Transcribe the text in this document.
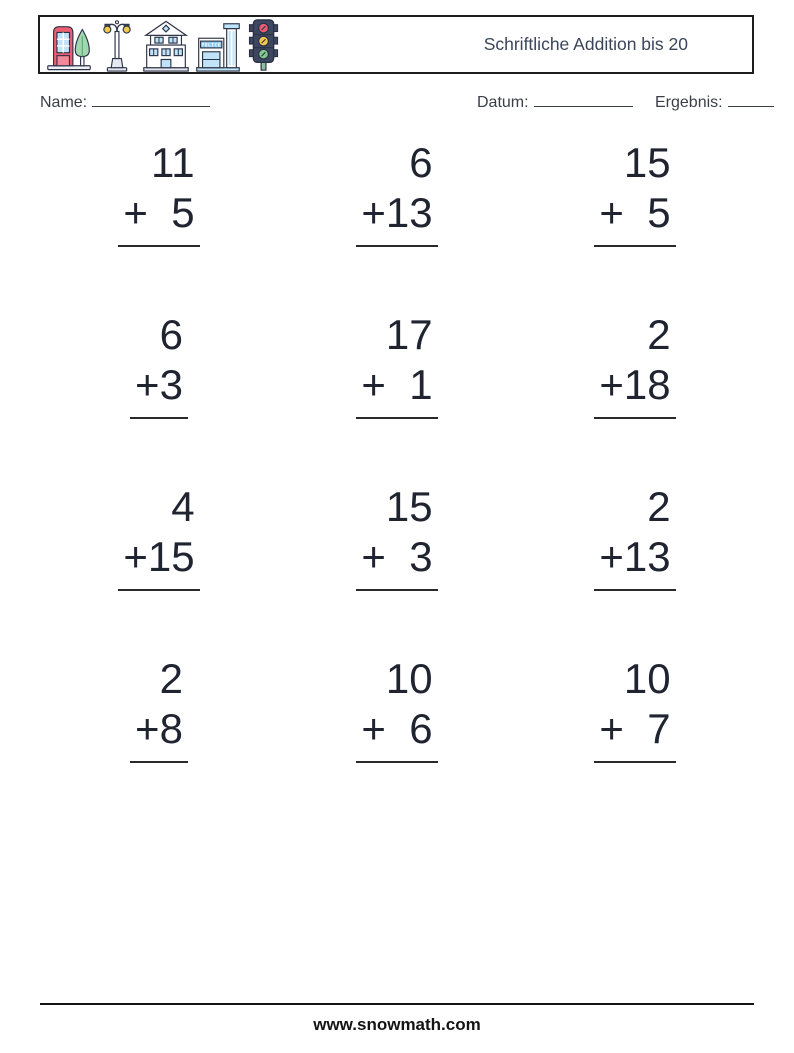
POLICE	Schriftliche Addition bis 20
Name:	Datum:	Ergebnis:
11
+ 5
6
+13
15
+ 5
6
+3
17
+ 1
2
+18
4
+15
15
+ 3
2
+13
2
+8
10
+ 6
10
+ 7
www.snowmath.com
